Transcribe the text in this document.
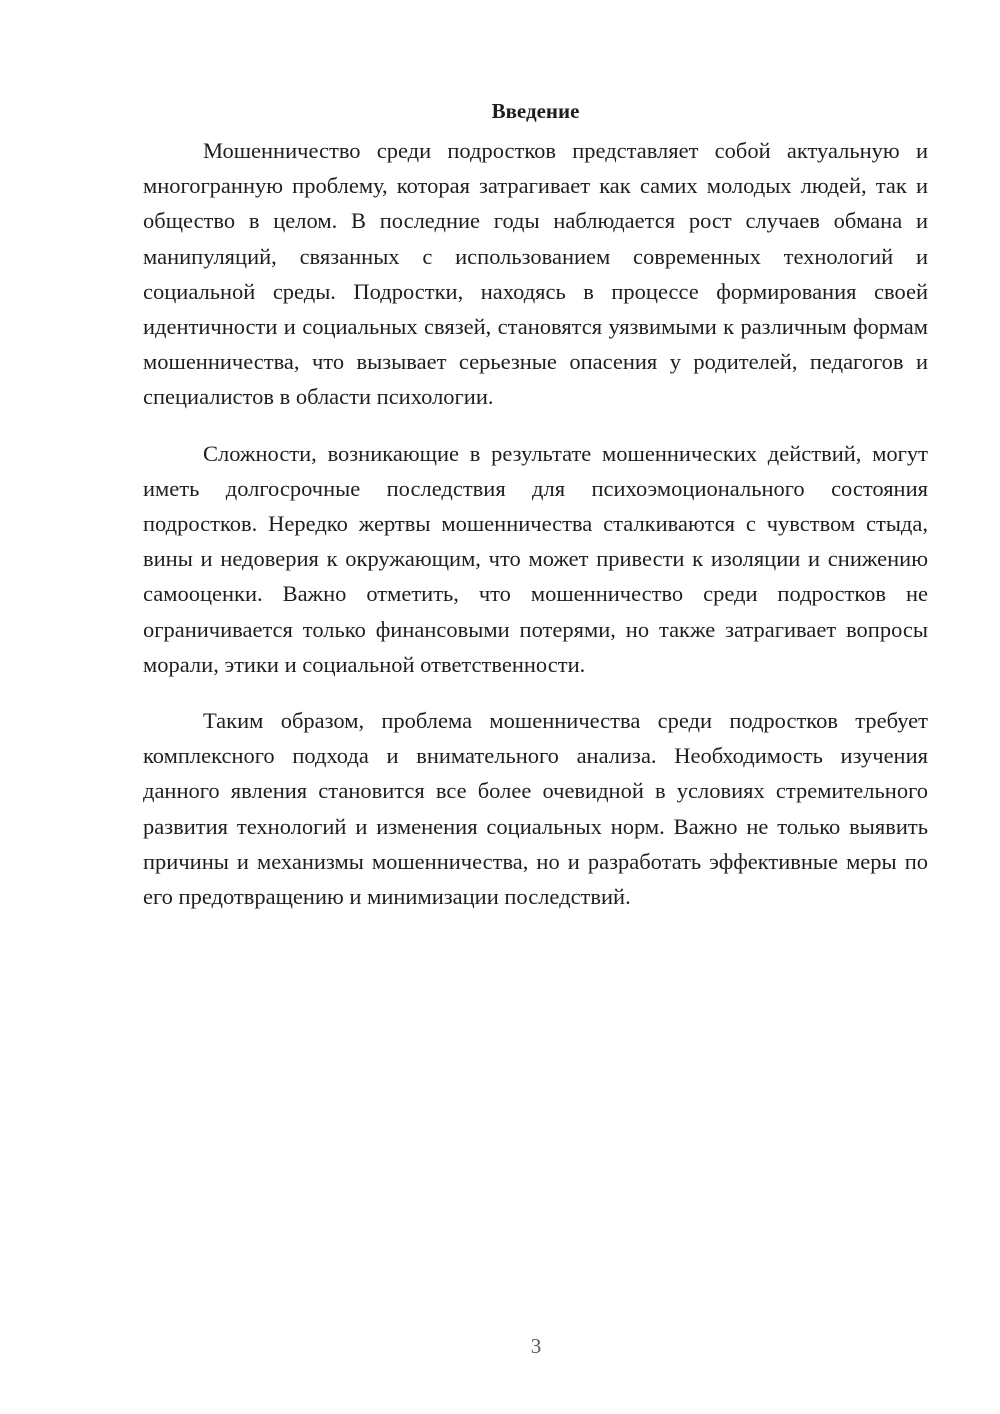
Введение

Мошенничество среди подростков представляет собой актуальную и многогранную проблему, которая затрагивает как самих молодых людей, так и общество в целом. В последние годы наблюдается рост случаев обмана и манипуляций, связанных с использованием современных технологий и социальной среды. Подростки, находясь в процессе формирования своей идентичности и социальных связей, становятся уязвимыми к различным формам мошенничества, что вызывает серьезные опасения у родителей, педагогов и специалистов в области психологии.

Сложности, возникающие в результате мошеннических действий, могут иметь долгосрочные последствия для психоэмоционального состояния подростков. Нередко жертвы мошенничества сталкиваются с чувством стыда, вины и недоверия к окружающим, что может привести к изоляции и снижению самооценки. Важно отметить, что мошенничество среди подростков не ограничивается только финансовыми потерями, но также затрагивает вопросы морали, этики и социальной ответственности.

Таким образом, проблема мошенничества среди подростков требует комплексного подхода и внимательного анализа. Необходимость изучения данного явления становится все более очевидной в условиях стремительного развития технологий и изменения социальных норм. Важно не только выявить причины и механизмы мошенничества, но и разработать эффективные меры по его предотвращению и минимизации последствий.

3
